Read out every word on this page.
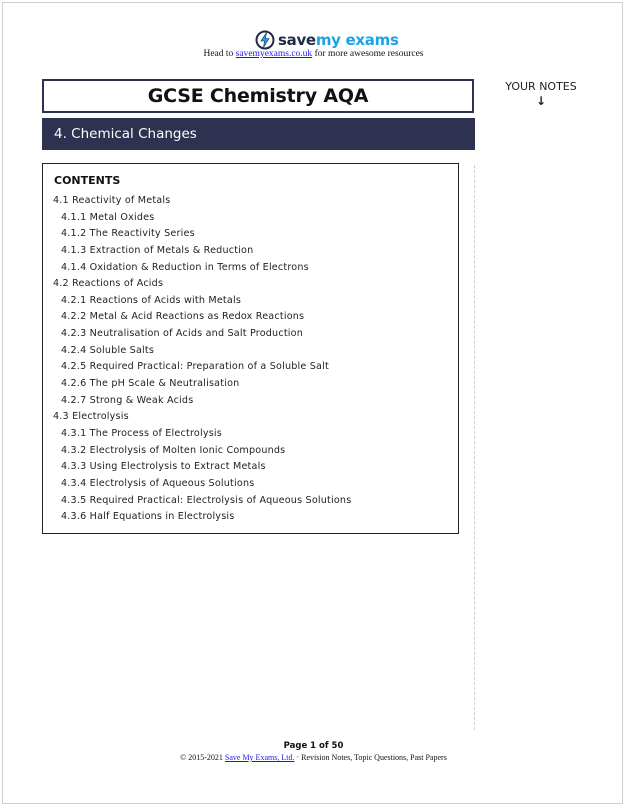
savemy exams
Head to savemyexams.co.uk for more awesome resources
GCSE Chemistry AQA
4. Chemical Changes
YOUR NOTES
↓
CONTENTS
4.1 Reactivity of Metals
4.1.1 Metal Oxides
4.1.2 The Reactivity Series
4.1.3 Extraction of Metals & Reduction
4.1.4 Oxidation & Reduction in Terms of Electrons
4.2 Reactions of Acids
4.2.1 Reactions of Acids with Metals
4.2.2 Metal & Acid Reactions as Redox Reactions
4.2.3 Neutralisation of Acids and Salt Production
4.2.4 Soluble Salts
4.2.5 Required Practical: Preparation of a Soluble Salt
4.2.6 The pH Scale & Neutralisation
4.2.7 Strong & Weak Acids
4.3 Electrolysis
4.3.1 The Process of Electrolysis
4.3.2 Electrolysis of Molten Ionic Compounds
4.3.3 Using Electrolysis to Extract Metals
4.3.4 Electrolysis of Aqueous Solutions
4.3.5 Required Practical: Electrolysis of Aqueous Solutions
4.3.6 Half Equations in Electrolysis
Page 1 of 50
© 2015-2021 Save My Exams, Ltd. · Revision Notes, Topic Questions, Past Papers
